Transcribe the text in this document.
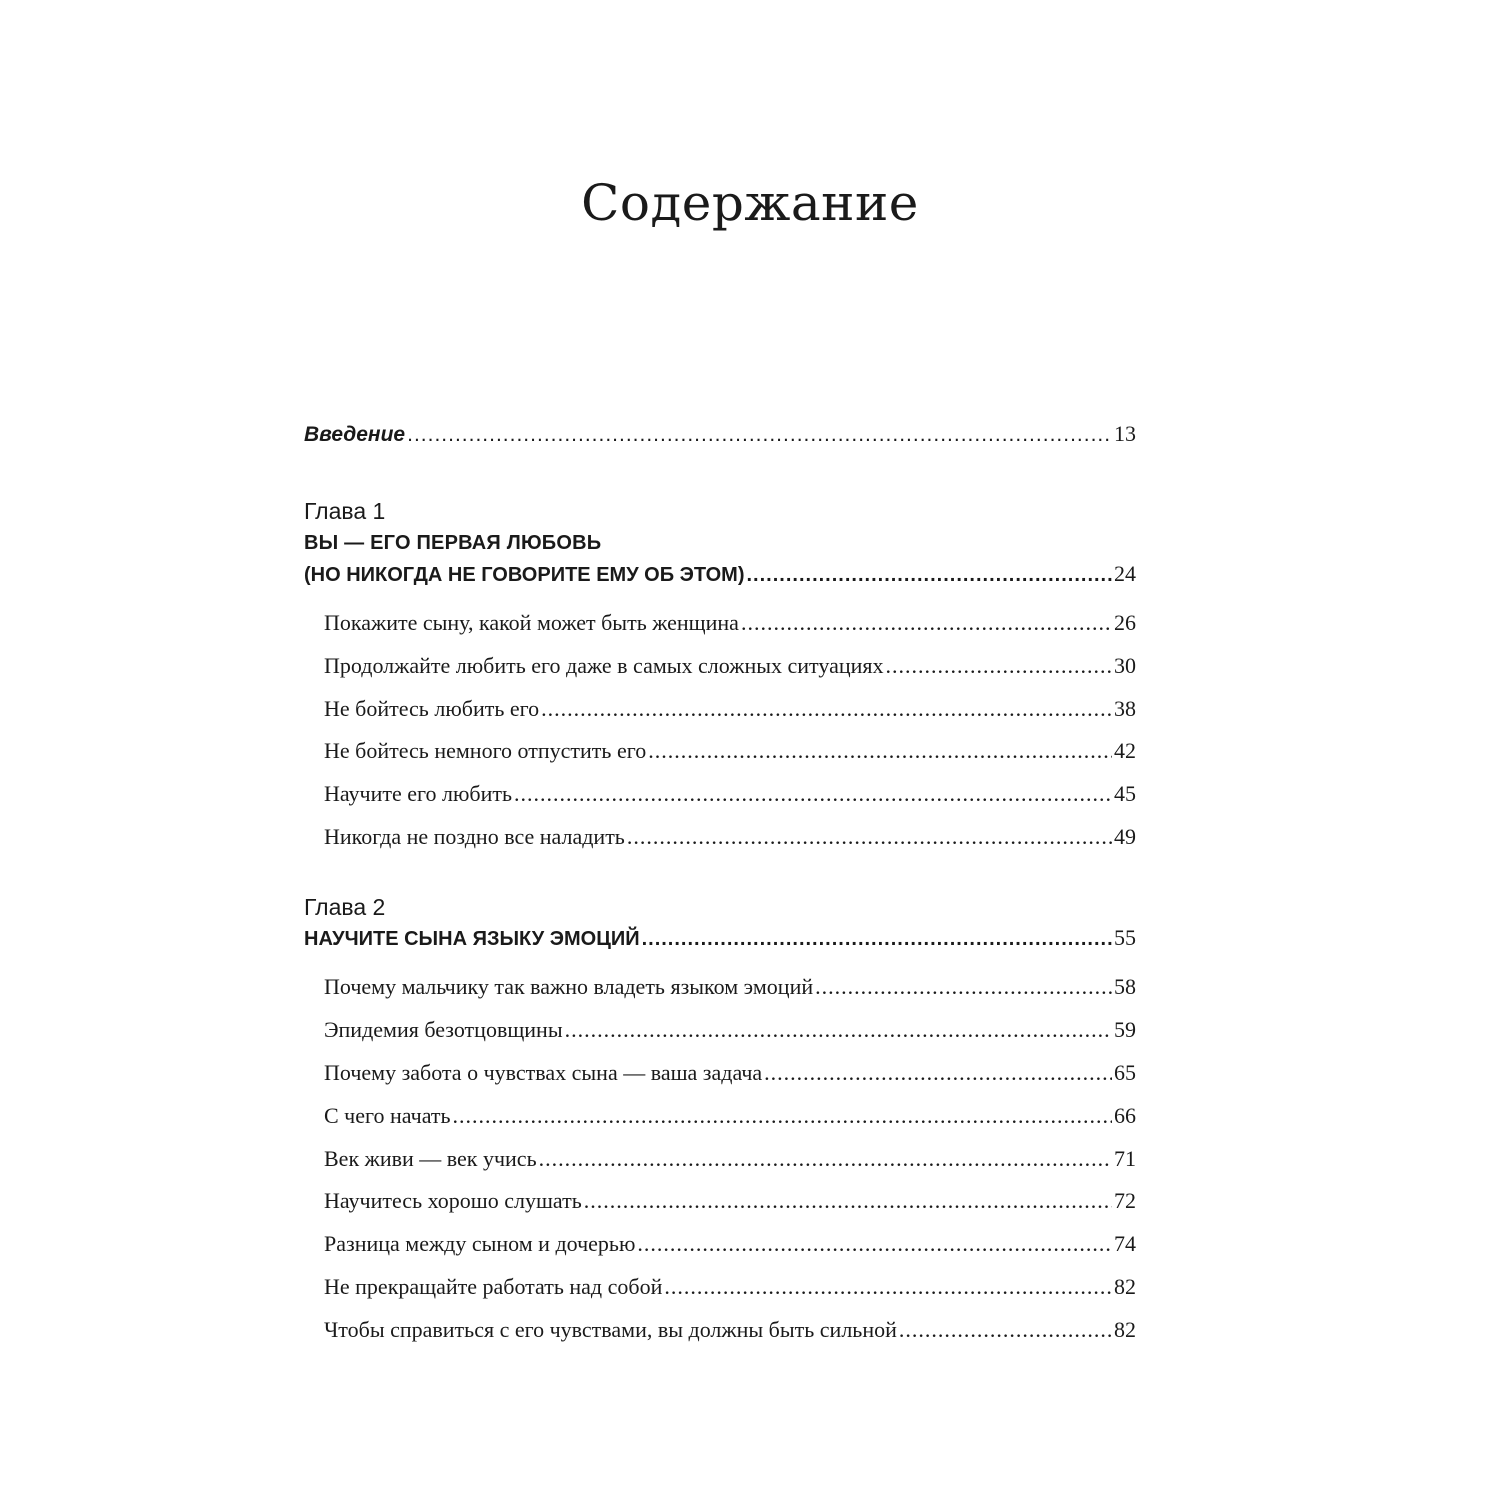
Содержание
Введение .....	13
Глава 1
ВЫ — ЕГО ПЕРВАЯ ЛЮБОВЬ
(НО НИКОГДА НЕ ГОВОРИТЕ ЕМУ ОБ ЭТОМ) .....	24
Покажите сыну, какой может быть женщина .....	26
Продолжайте любить его даже в самых сложных ситуациях .....	30
Не бойтесь любить его .....	38
Не бойтесь немного отпустить его .....	42
Научите его любить .....	45
Никогда не поздно все наладить .....	49
Глава 2
НАУЧИТЕ СЫНА ЯЗЫКУ ЭМОЦИЙ .....	55
Почему мальчику так важно владеть языком эмоций .....	58
Эпидемия безотцовщины .....	59
Почему забота о чувствах сына — ваша задача .....	65
С чего начать .....	66
Век живи — век учись .....	71
Научитесь хорошо слушать .....	72
Разница между сыном и дочерью .....	74
Не прекращайте работать над собой .....	82
Чтобы справиться с его чувствами, вы должны быть сильной .....	82
